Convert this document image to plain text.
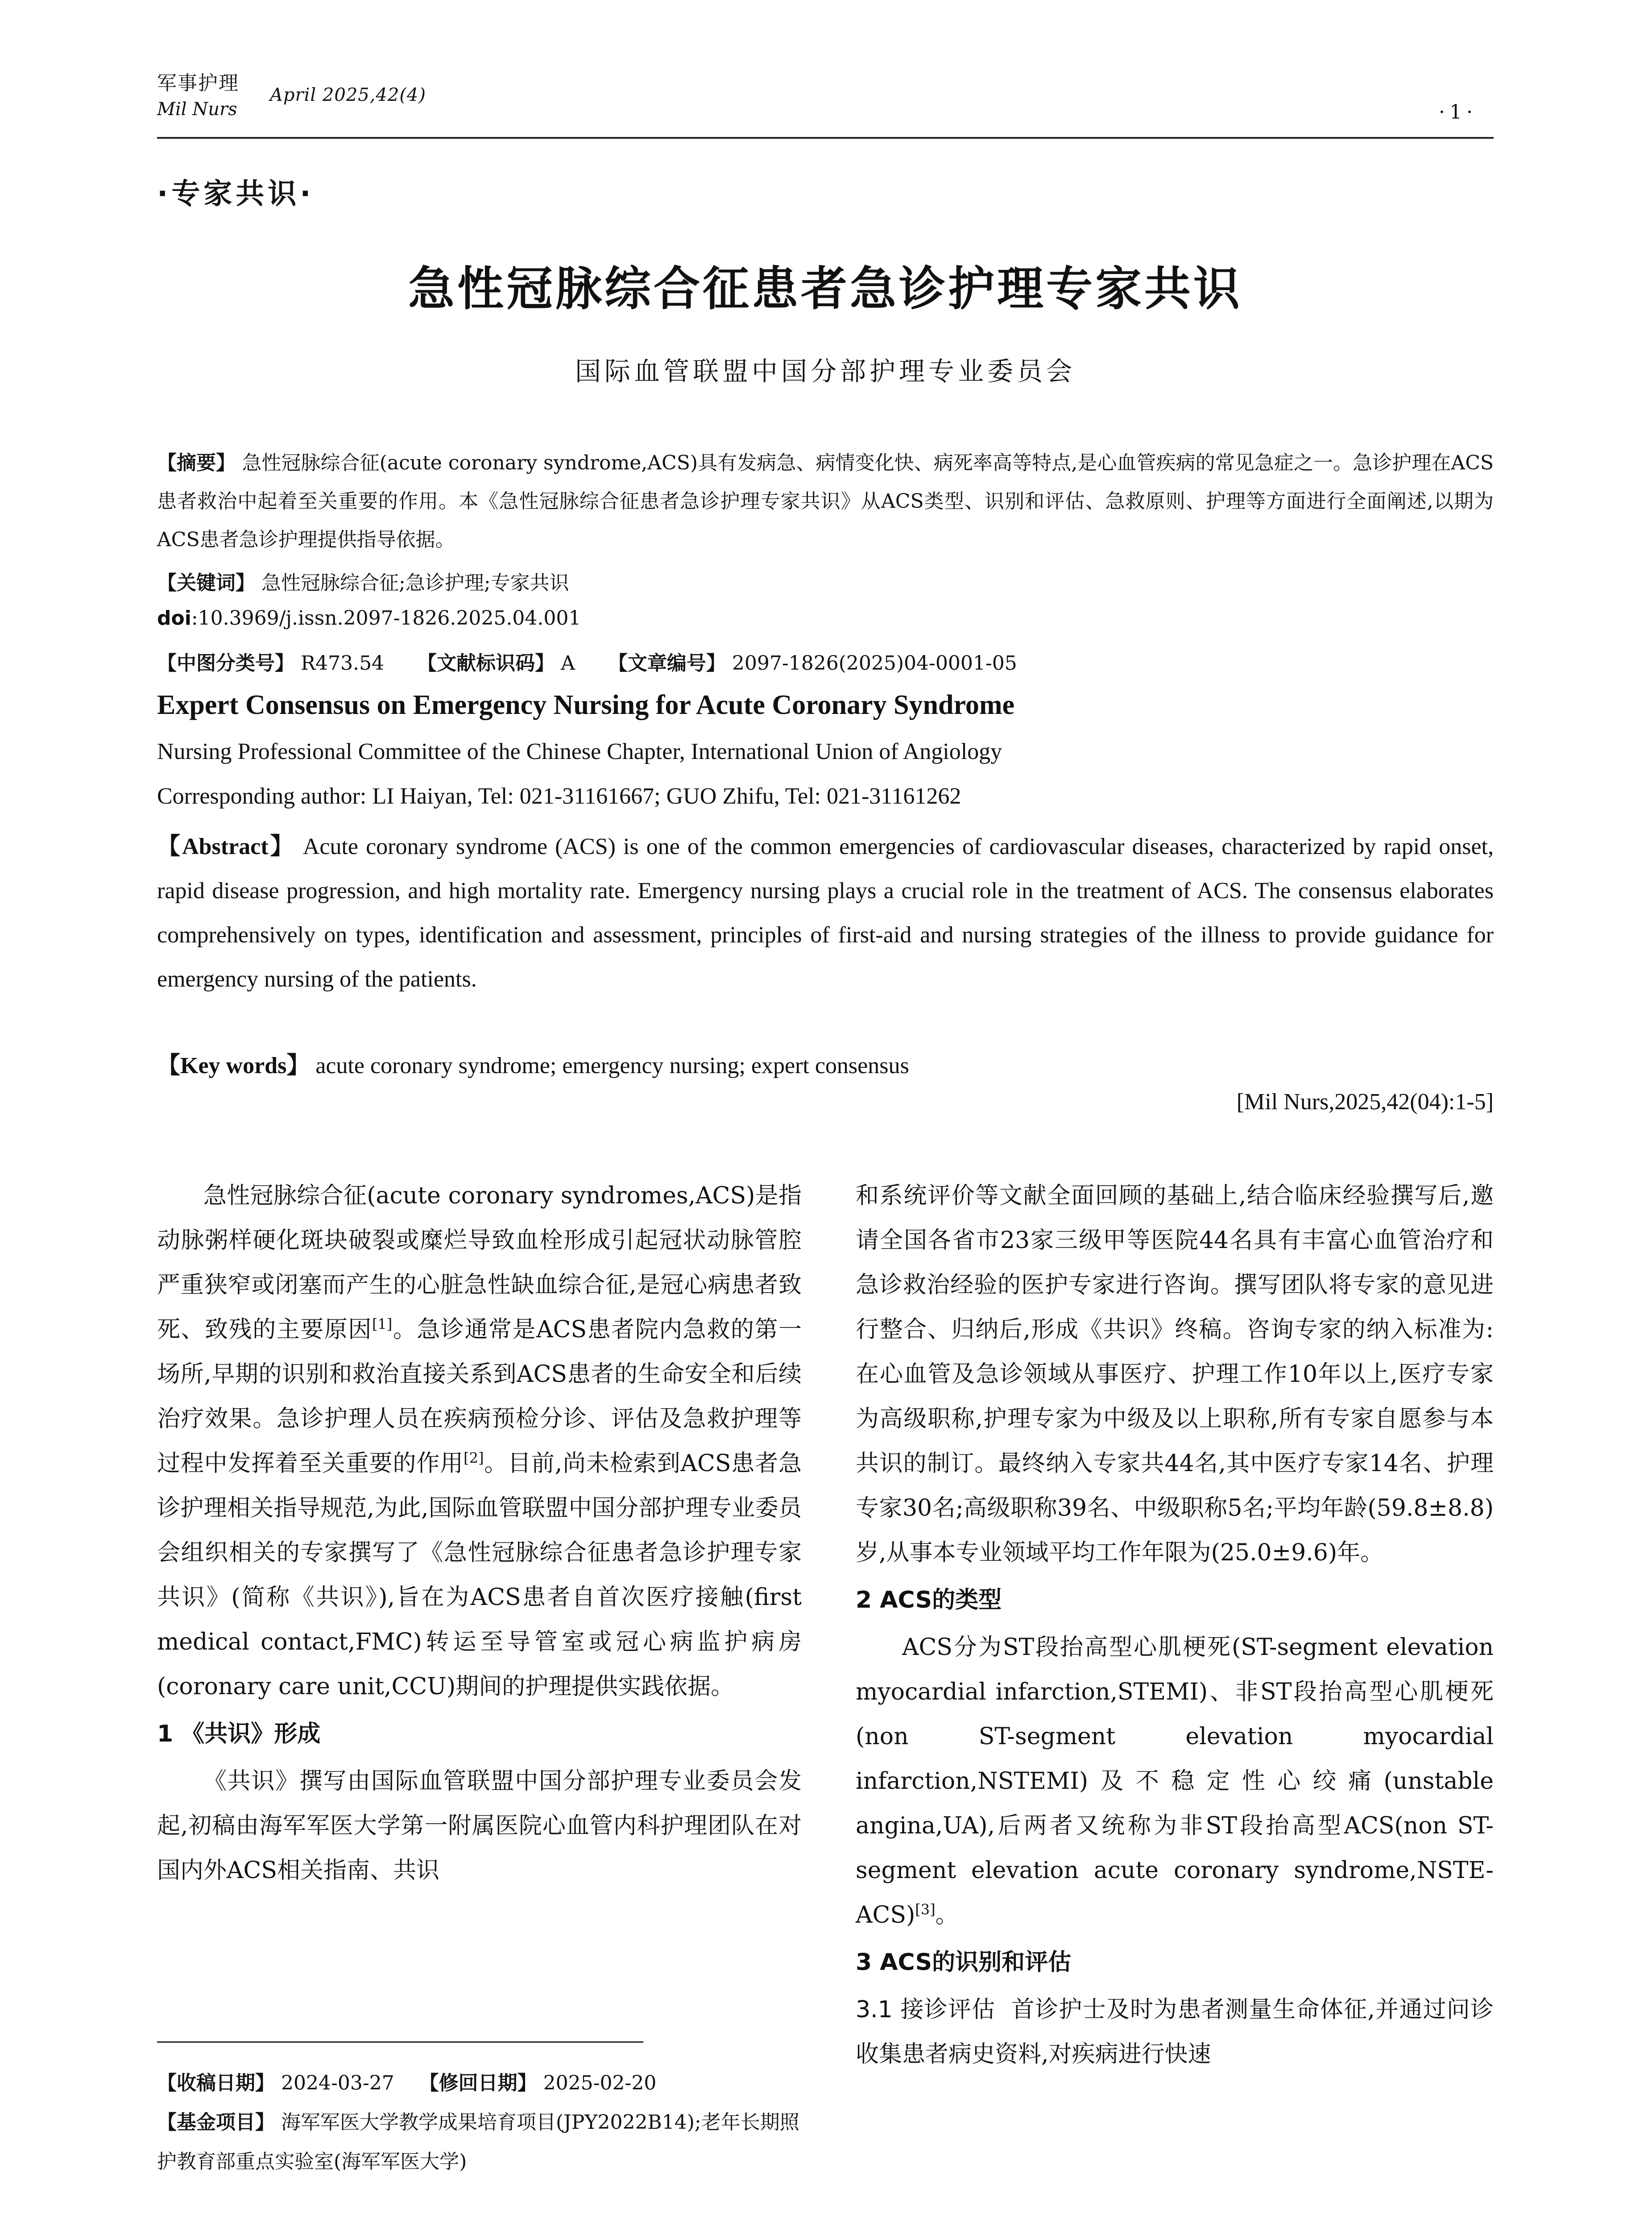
军事护理
Mil Nurs
April 2025,42(4)
·1·
·专家共识·
急性冠脉综合征患者急诊护理专家共识
国际血管联盟中国分部护理专业委员会
【摘要】 急性冠脉综合征(acute coronary syndrome,ACS)具有发病急、病情变化快、病死率高等特点,是心血管疾病的常见急症之一。急诊护理在ACS患者救治中起着至关重要的作用。本《急性冠脉综合征患者急诊护理专家共识》从ACS类型、识别和评估、急救原则、护理等方面进行全面阐述,以期为ACS患者急诊护理提供指导依据。
【关键词】 急性冠脉综合征;急诊护理;专家共识
doi:10.3969/j.issn.2097-1826.2025.04.001
【中图分类号】 R473.54 【文献标识码】 A 【文章编号】 2097-1826(2025)04-0001-05
Expert Consensus on Emergency Nursing for Acute Coronary Syndrome
Nursing Professional Committee of the Chinese Chapter, International Union of Angiology
Corresponding author: LI Haiyan, Tel: 021-31161667; GUO Zhifu, Tel: 021-31161262
【Abstract】 Acute coronary syndrome (ACS) is one of the common emergencies of cardiovascular diseases, characterized by rapid onset, rapid disease progression, and high mortality rate. Emergency nursing plays a crucial role in the treatment of ACS. The consensus elaborates comprehensively on types, identification and assessment, principles of first-aid and nursing strategies of the illness to provide guidance for emergency nursing of the patients.
【Key words】 acute coronary syndrome; emergency nursing; expert consensus
[Mil Nurs,2025,42(04):1-5]

急性冠脉综合征(acute coronary syndromes,ACS)是指动脉粥样硬化斑块破裂或糜烂导致血栓形成引起冠状动脉管腔严重狭窄或闭塞而产生的心脏急性缺血综合征,是冠心病患者致死、致残的主要原因[1]。急诊通常是ACS患者院内急救的第一场所,早期的识别和救治直接关系到ACS患者的生命安全和后续治疗效果。急诊护理人员在疾病预检分诊、评估及急救护理等过程中发挥着至关重要的作用[2]。目前,尚未检索到ACS患者急诊护理相关指导规范,为此,国际血管联盟中国分部护理专业委员会组织相关的专家撰写了《急性冠脉综合征患者急诊护理专家共识》(简称《共识》),旨在为ACS患者自首次医疗接触(first medical contact,FMC)转运至导管室或冠心病监护病房(coronary care unit,CCU)期间的护理提供实践依据。

1 《共识》形成

《共识》撰写由国际血管联盟中国分部护理专业委员会发起,初稿由海军军医大学第一附属医院心血管内科护理团队在对国内外ACS相关指南、共识

和系统评价等文献全面回顾的基础上,结合临床经验撰写后,邀请全国各省市23家三级甲等医院44名具有丰富心血管治疗和急诊救治经验的医护专家进行咨询。撰写团队将专家的意见进行整合、归纳后,形成《共识》终稿。咨询专家的纳入标准为:在心血管及急诊领域从事医疗、护理工作10年以上,医疗专家为高级职称,护理专家为中级及以上职称,所有专家自愿参与本共识的制订。最终纳入专家共44名,其中医疗专家14名、护理专家30名;高级职称39名、中级职称5名;平均年龄(59.8±8.8)岁,从事本专业领域平均工作年限为(25.0±9.6)年。

2 ACS的类型

ACS分为ST段抬高型心肌梗死(ST-segment elevation myocardial infarction,STEMI)、非ST段抬高型心肌梗死(non ST-segment elevation myocardial infarction,NSTEMI)及不稳定性心绞痛(unstable angina,UA),后两者又统称为非ST段抬高型ACS(non ST-segment elevation acute coronary syndrome,NSTE-ACS)[3]。

3 ACS的识别和评估

3.1 接诊评估 首诊护士及时为患者测量生命体征,并通过问诊收集患者病史资料,对疾病进行快速

【收稿日期】 2024-03-27 【修回日期】 2025-02-20
【基金项目】 海军军医大学教学成果培育项目(JPY2022B14);老年长期照护教育部重点实验室(海军军医大学)
